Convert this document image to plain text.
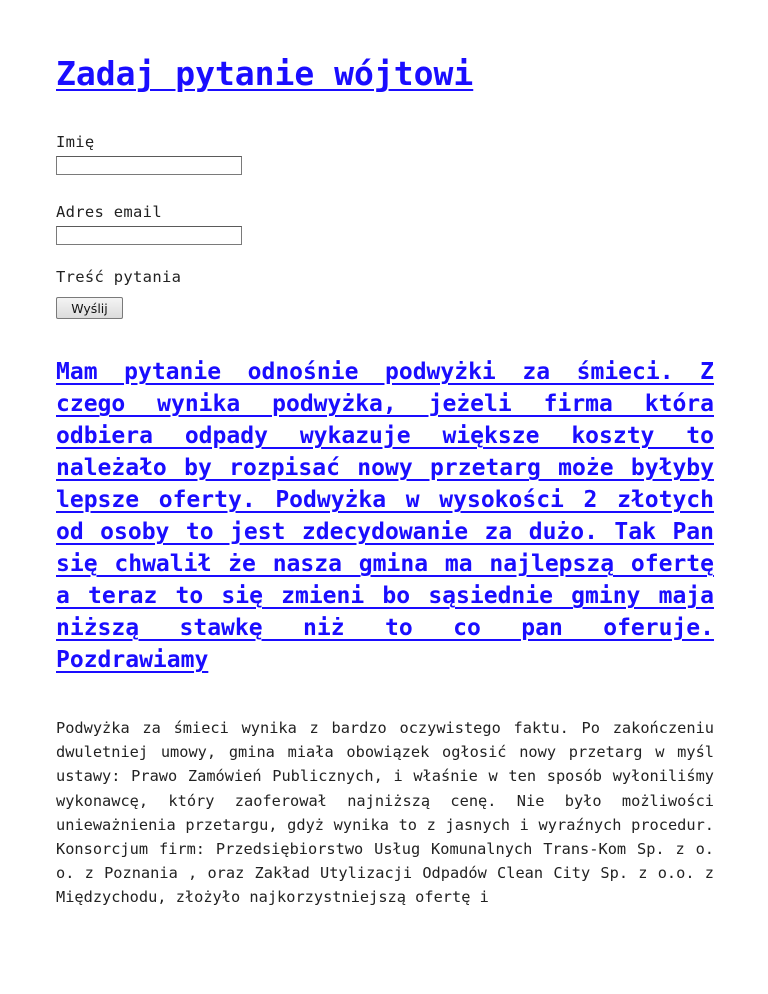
Zadaj pytanie wójtowi
Imię
Adres email
Treść pytania
Wyślij
Mam pytanie odnośnie podwyżki za śmieci. Z czego wynika podwyżka, jeżeli firma która odbiera odpady wykazuje większe koszty to należało by rozpisać nowy przetarg może byłyby lepsze oferty. Podwyżka w wysokości 2 złotych od osoby to jest zdecydowanie za dużo. Tak Pan się chwalił że nasza gmina ma najlepszą ofertę a teraz to się zmieni bo sąsiednie gminy maja niższą stawkę niż to co pan oferuje. Pozdrawiamy

Podwyżka za śmieci wynika z bardzo oczywistego faktu. Po zakończeniu dwuletniej umowy, gmina miała obowiązek ogłosić nowy przetarg w myśl ustawy: Prawo Zamówień Publicznych, i właśnie w ten sposób wyłoniliśmy wykonawcę, który zaoferował najniższą cenę. Nie było możliwości unieważnienia przetargu, gdyż wynika to z jasnych i wyraźnych procedur. Konsorcjum firm: Przedsiębiorstwo Usług Komunalnych Trans-Kom Sp. z o. o. z Poznania , oraz Zakład Utylizacji Odpadów Clean City Sp. z o.o. z Międzychodu, złożyło najkorzystniejszą ofertę i
